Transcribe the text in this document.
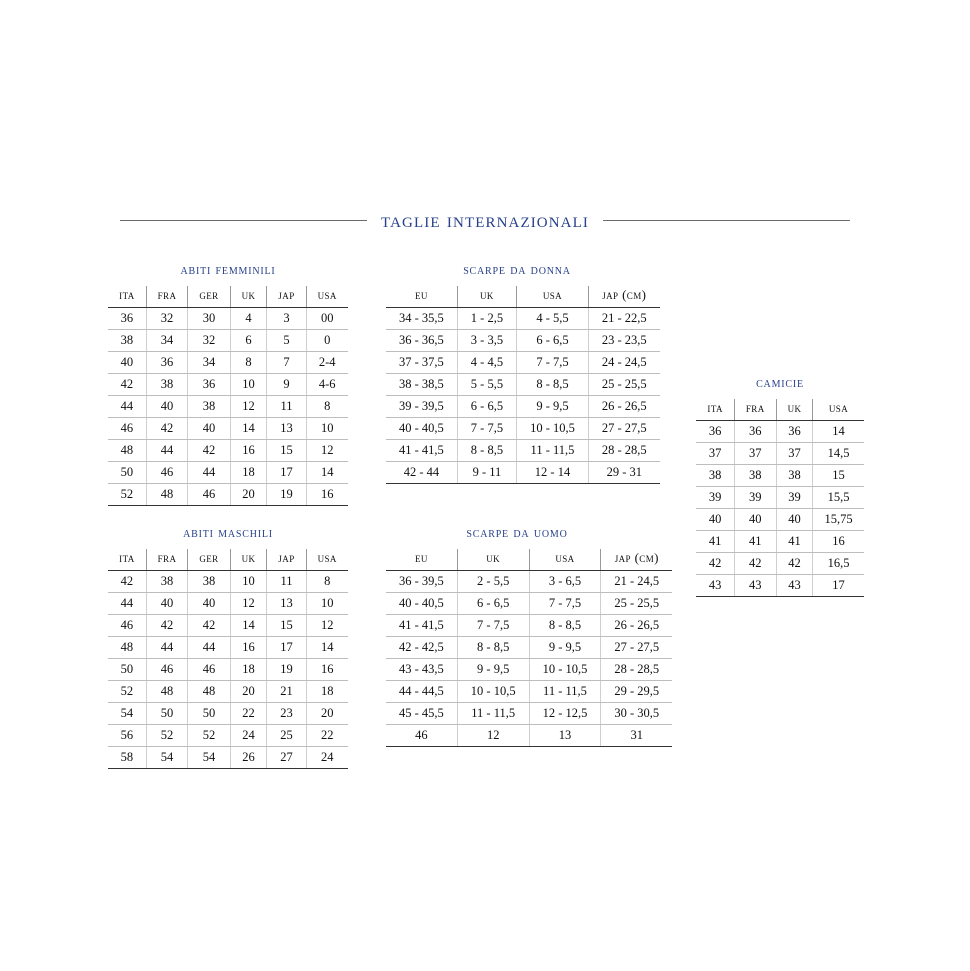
taglie internazionali
abiti femminili
ita	fra	ger	uk	jap	usa
36	32	30	4	3	00
38	34	32	6	5	0
40	36	34	8	7	2-4
42	38	36	10	9	4-6
44	40	38	12	11	8
46	42	40	14	13	10
48	44	42	16	15	12
50	46	44	18	17	14
52	48	46	20	19	16
abiti maschili
ita	fra	ger	uk	jap	usa
42	38	38	10	11	8
44	40	40	12	13	10
46	42	42	14	15	12
48	44	44	16	17	14
50	46	46	18	19	16
52	48	48	20	21	18
54	50	50	22	23	20
56	52	52	24	25	22
58	54	54	26	27	24
scarpe da donna
eu	uk	usa	jap (cm)
34 - 35,5	1 - 2,5	4 - 5,5	21 - 22,5
36 - 36,5	3 - 3,5	6 - 6,5	23 - 23,5
37 - 37,5	4 - 4,5	7 - 7,5	24 - 24,5
38 - 38,5	5 - 5,5	8 - 8,5	25 - 25,5
39 - 39,5	6 - 6,5	9 - 9,5	26 - 26,5
40 - 40,5	7 - 7,5	10 - 10,5	27 - 27,5
41 - 41,5	8 - 8,5	11 - 11,5	28 - 28,5
42 - 44	9 - 11	12 - 14	29 - 31
scarpe da uomo
eu	uk	usa	jap (cm)
36 - 39,5	2 - 5,5	3 - 6,5	21 - 24,5
40 - 40,5	6 - 6,5	7 - 7,5	25 - 25,5
41 - 41,5	7 - 7,5	8 - 8,5	26 - 26,5
42 - 42,5	8 - 8,5	9 - 9,5	27 - 27,5
43 - 43,5	9 - 9,5	10 - 10,5	28 - 28,5
44 - 44,5	10 - 10,5	11 - 11,5	29 - 29,5
45 - 45,5	11 - 11,5	12 - 12,5	30 - 30,5
46	12	13	31
camicie
ita	fra	uk	usa
36	36	36	14
37	37	37	14,5
38	38	38	15
39	39	39	15,5
40	40	40	15,75
41	41	41	16
42	42	42	16,5
43	43	43	17
